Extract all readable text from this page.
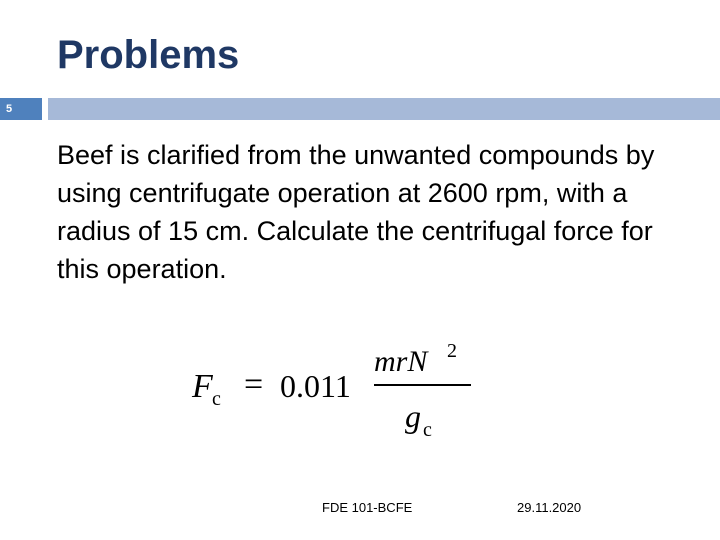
Problems
5
Beef is clarified from the unwanted compounds by using centrifugate operation at 2600 rpm, with a radius of 15 cm. Calculate the centrifugal force for this operation.
F c = 0.011
mrN 2
g c
FDE 101-BCFE	29.11.2020
